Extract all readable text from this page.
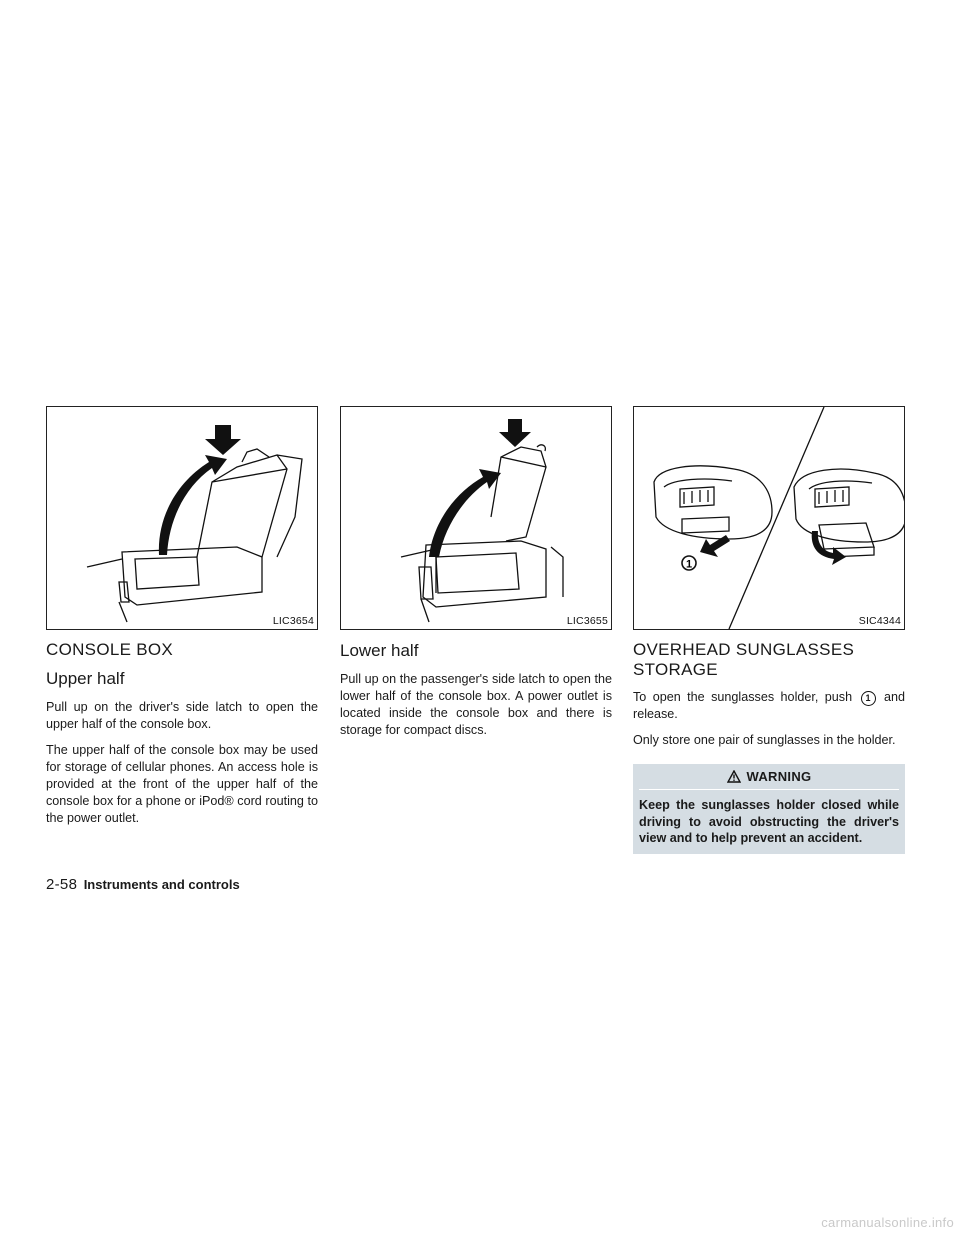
LIC3654
CONSOLE BOX
Upper half

Pull up on the driver's side latch to open the upper half of the console box.

The upper half of the console box may be used for storage of cellular phones. An access hole is provided at the front of the upper half of the console box for a phone or iPod® cord routing to the power outlet.

LIC3655
Lower half

Pull up on the passenger's side latch to open the lower half of the console box. A power outlet is located inside the console box and there is storage for compact discs.

1
SIC4344
OVERHEAD SUNGLASSES STORAGE

To open the sunglasses holder, push 1 and release.

Only store one pair of sunglasses in the holder.

WARNING
Keep the sunglasses holder closed while driving to avoid obstructing the driver's view and to help prevent an accident.
2-58 Instruments and controls
carmanualsonline.info
